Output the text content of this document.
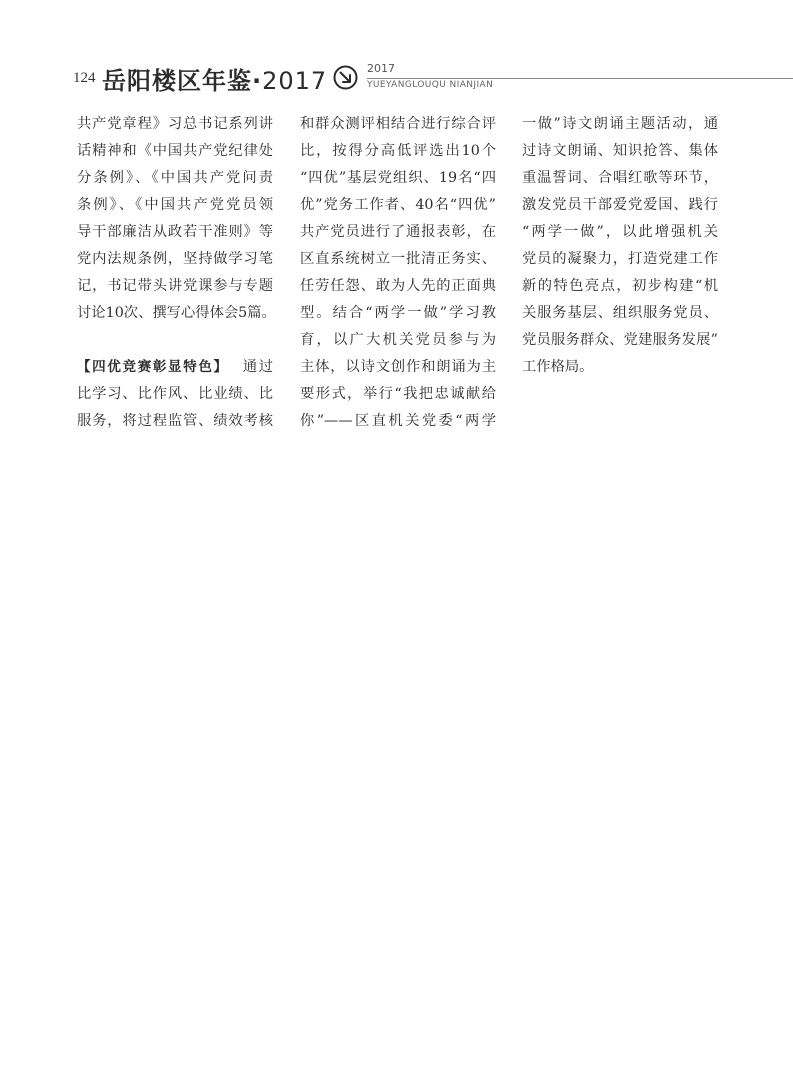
124 岳阳楼区年鉴·2017	2017
YUEYANGLOUQU NIANJIAN
共产党章程》习总书记系列讲
话精神和《中国共产党纪律处
分条例》、《中国共产党问责
条例》、《中国共产党党员领
导干部廉洁从政若干准则》等
党内法规条例，坚持做学习笔
记，书记带头讲党课参与专题
讨论10次、撰写心得体会5篇。
【四优竞赛彰显特色】 通过
比学习、比作风、比业绩、比
服务，将过程监管、绩效考核
和群众测评相结合进行综合评
比，按得分高低评选出10个
“四优”基层党组织、19名“四
优”党务工作者、40名“四优”
共产党员进行了通报表彰，在
区直系统树立一批清正务实、
任劳任怨、敢为人先的正面典
型。结合“两学一做”学习教
育，以广大机关党员参与为
主体，以诗文创作和朗诵为主
要形式，举行“我把忠诚献给
你”——区直机关党委“两学
一做”诗文朗诵主题活动，通
过诗文朗诵、知识抢答、集体
重温誓词、合唱红歌等环节，
激发党员干部爱党爱国、践行
“两学一做”，以此增强机关
党员的凝聚力，打造党建工作
新的特色亮点，初步构建“机
关服务基层、组织服务党员、
党员服务群众、党建服务发展”
工作格局。
